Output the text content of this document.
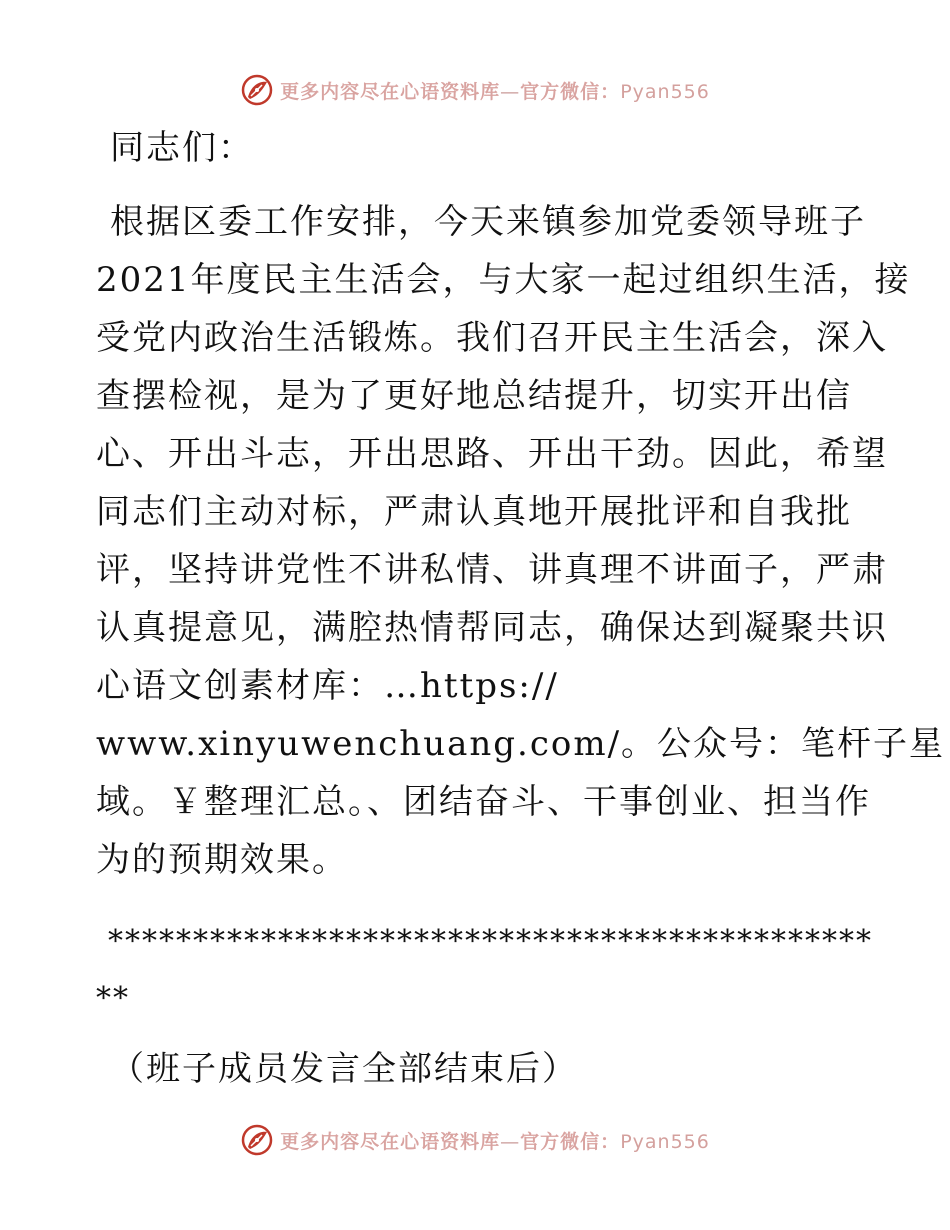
更多内容尽在心语资料库—官方微信：Pyan556
同志们：
根据区委工作安排，今天来镇参加党委领导班子
2021年度民主生活会，与大家一起过组织生活，接
受党内政治生活锻炼。我们召开民主生活会，深入
查摆检视，是为了更好地总结提升，切实开出信
心、开出斗志，开出思路、开出干劲。因此，希望
同志们主动对标，严肃认真地开展批评和自我批
评，坚持讲党性不讲私情、讲真理不讲面子，严肃
认真提意见，满腔热情帮同志，确保达到凝聚共识
心语文创素材库：…https://
www.xinyuwenchuang.com/。公众号：笔杆子星
域。￥整理汇总。、团结奋斗、干事创业、担当作
为的预期效果。
*********************************************
**
（班子成员发言全部结束后）
更多内容尽在心语资料库—官方微信：Pyan556
